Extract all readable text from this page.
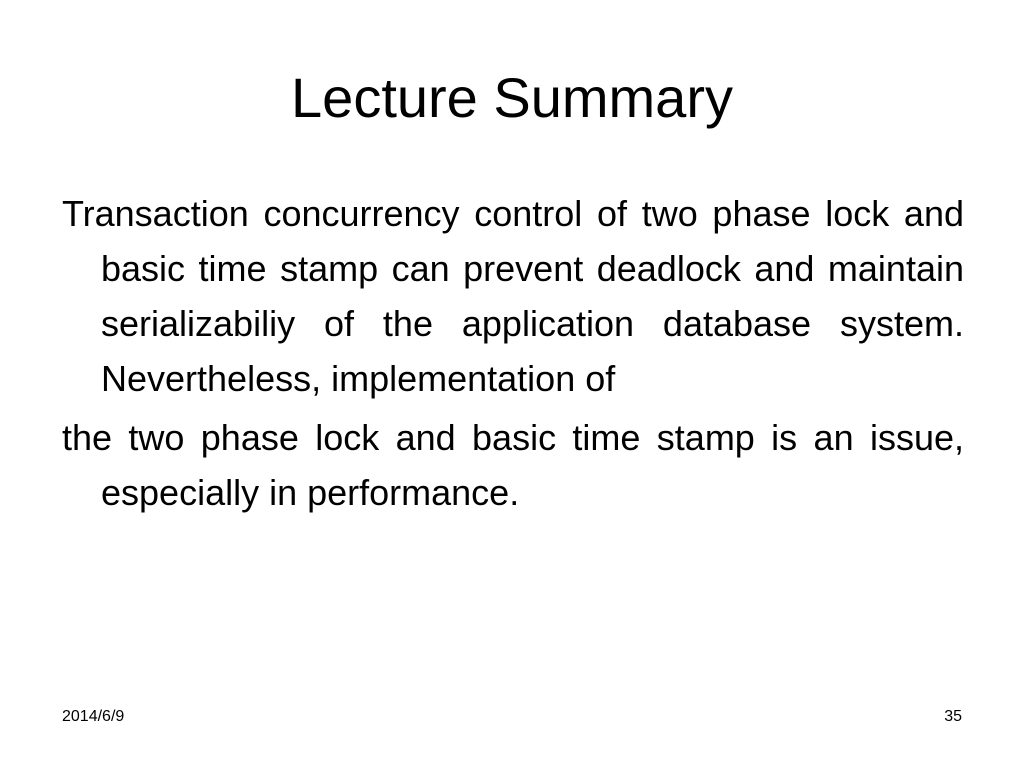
Lecture Summary

Transaction concurrency control of two phase lock and basic time stamp can prevent deadlock and maintain serializabiliy of the application database system. Nevertheless, implementation of

the two phase lock and basic time stamp is an issue, especially in performance.

2014/6/9	35
